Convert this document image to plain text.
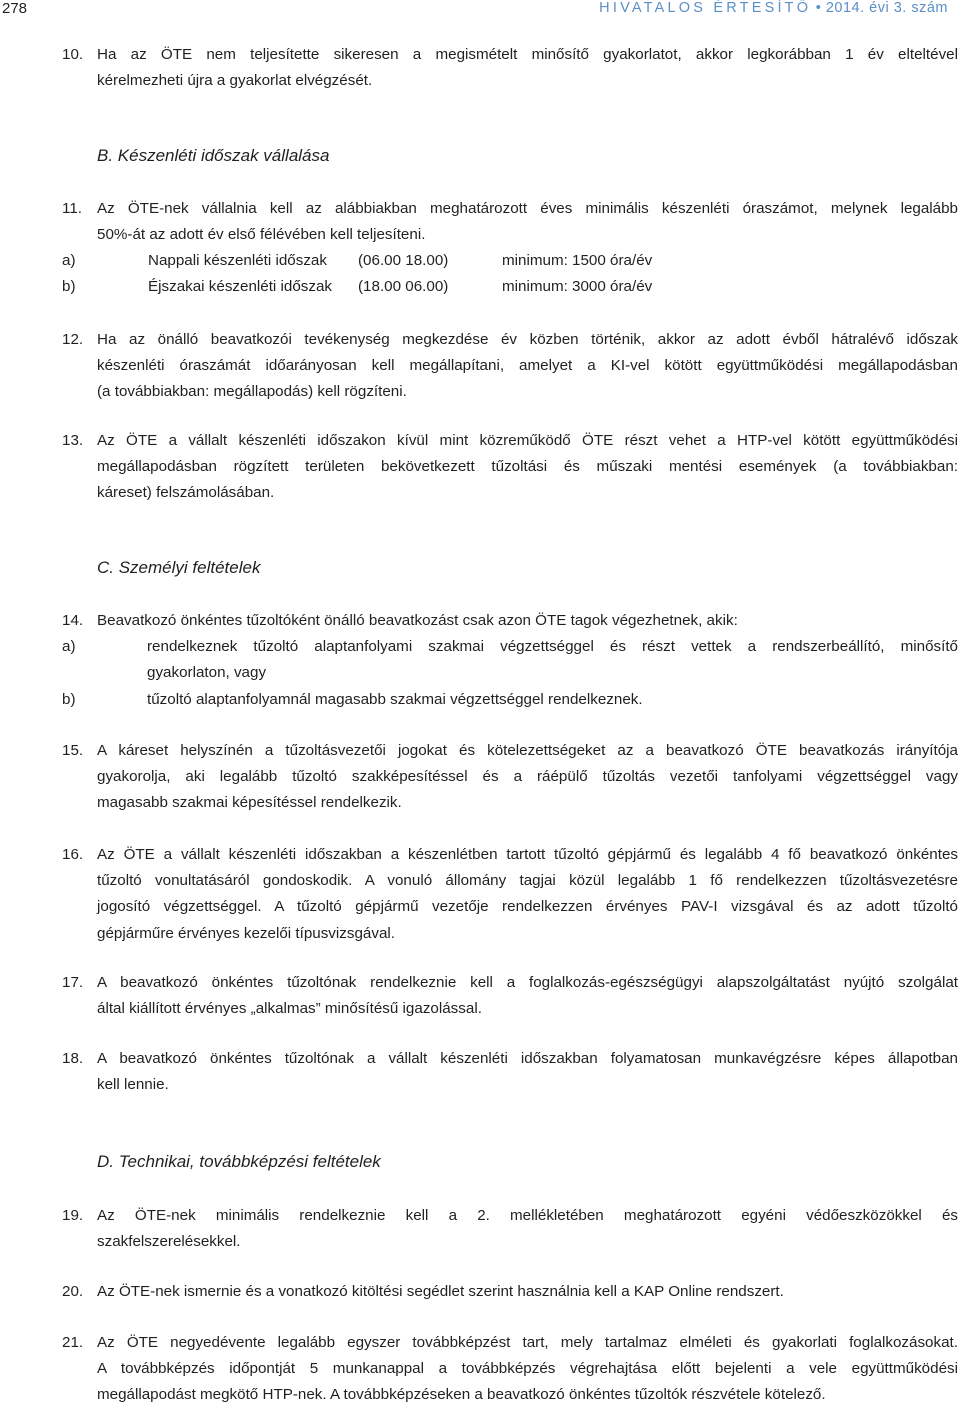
278	HIVATALOS ÉRTESÍTŐ • 2014. évi 3. szám
10. Ha az ÖTE nem teljesítette sikeresen a megismételt minősítő gyakorlatot, akkor legkorábban 1 év elteltével
kérelmezheti újra a gyakorlat elvégzését.
B. Készenléti időszak vállalása
11. Az ÖTE-nek vállalnia kell az alábbiakban meghatározott éves minimális készenléti óraszámot, melynek legalább
50%-át az adott év első félévében kell teljesíteni.
a)	Nappali készenléti időszak (06.00 18.00)	minimum: 1500 óra/év
b)	Éjszakai készenléti időszak (18.00 06.00)	minimum: 3000 óra/év
12. Ha az önálló beavatkozói tevékenység megkezdése év közben történik, akkor az adott évből hátralévő időszak
készenléti óraszámát időarányosan kell megállapítani, amelyet a KI-vel kötött együttműködési megállapodásban
(a továbbiakban: megállapodás) kell rögzíteni.
13. Az ÖTE a vállalt készenléti időszakon kívül mint közreműködő ÖTE részt vehet a HTP-vel kötött együttműködési
megállapodásban rögzített területen bekövetkezett tűzoltási és műszaki mentési események (a továbbiakban:
káreset) felszámolásában.
C. Személyi feltételek
14. Beavatkozó önkéntes tűzoltóként önálló beavatkozást csak azon ÖTE tagok végezhetnek, akik:
a)	rendelkeznek tűzoltó alaptanfolyami szakmai végzettséggel és részt vettek a rendszerbeállító, minősítő gyakorlaton, vagy
b)	tűzoltó alaptanfolyamnál magasabb szakmai végzettséggel rendelkeznek.
15. A káreset helyszínén a tűzoltásvezetői jogokat és kötelezettségeket az a beavatkozó ÖTE beavatkozás irányítója
gyakorolja, aki legalább tűzoltó szakképesítéssel és a ráépülő tűzoltás vezetői tanfolyami végzettséggel vagy
magasabb szakmai képesítéssel rendelkezik.
16. Az ÖTE a vállalt készenléti időszakban a készenlétben tartott tűzoltó gépjármű és legalább 4 fő beavatkozó önkéntes
tűzoltó vonultatásáról gondoskodik. A vonuló állomány tagjai közül legalább 1 fő rendelkezzen tűzoltásvezetésre
jogosító végzettséggel. A tűzoltó gépjármű vezetője rendelkezzen érvényes PAV-I vizsgával és az adott tűzoltó
gépjárműre érvényes kezelői típusvizsgával.
17. A beavatkozó önkéntes tűzoltónak rendelkeznie kell a foglalkozás-egészségügyi alapszolgáltatást nyújtó szolgálat
által kiállított érvényes „alkalmas” minősítésű igazolással.
18. A beavatkozó önkéntes tűzoltónak a vállalt készenléti időszakban folyamatosan munkavégzésre képes állapotban
kell lennie.
D. Technikai, továbbképzési feltételek
19. Az ÖTE-nek minimális rendelkeznie kell a 2. mellékletében meghatározott egyéni védőeszközökkel és
szakfelszerelésekkel.
20. Az ÖTE-nek ismernie és a vonatkozó kitöltési segédlet szerint használnia kell a KAP Online rendszert.
21. Az ÖTE negyedévente legalább egyszer továbbképzést tart, mely tartalmaz elméleti és gyakorlati foglalkozásokat.
A továbbképzés időpontját 5 munkanappal a továbbképzés végrehajtása előtt bejelenti a vele együttműködési
megállapodást megkötő HTP-nek. A továbbképzéseken a beavatkozó önkéntes tűzoltók részvétele kötelező.
